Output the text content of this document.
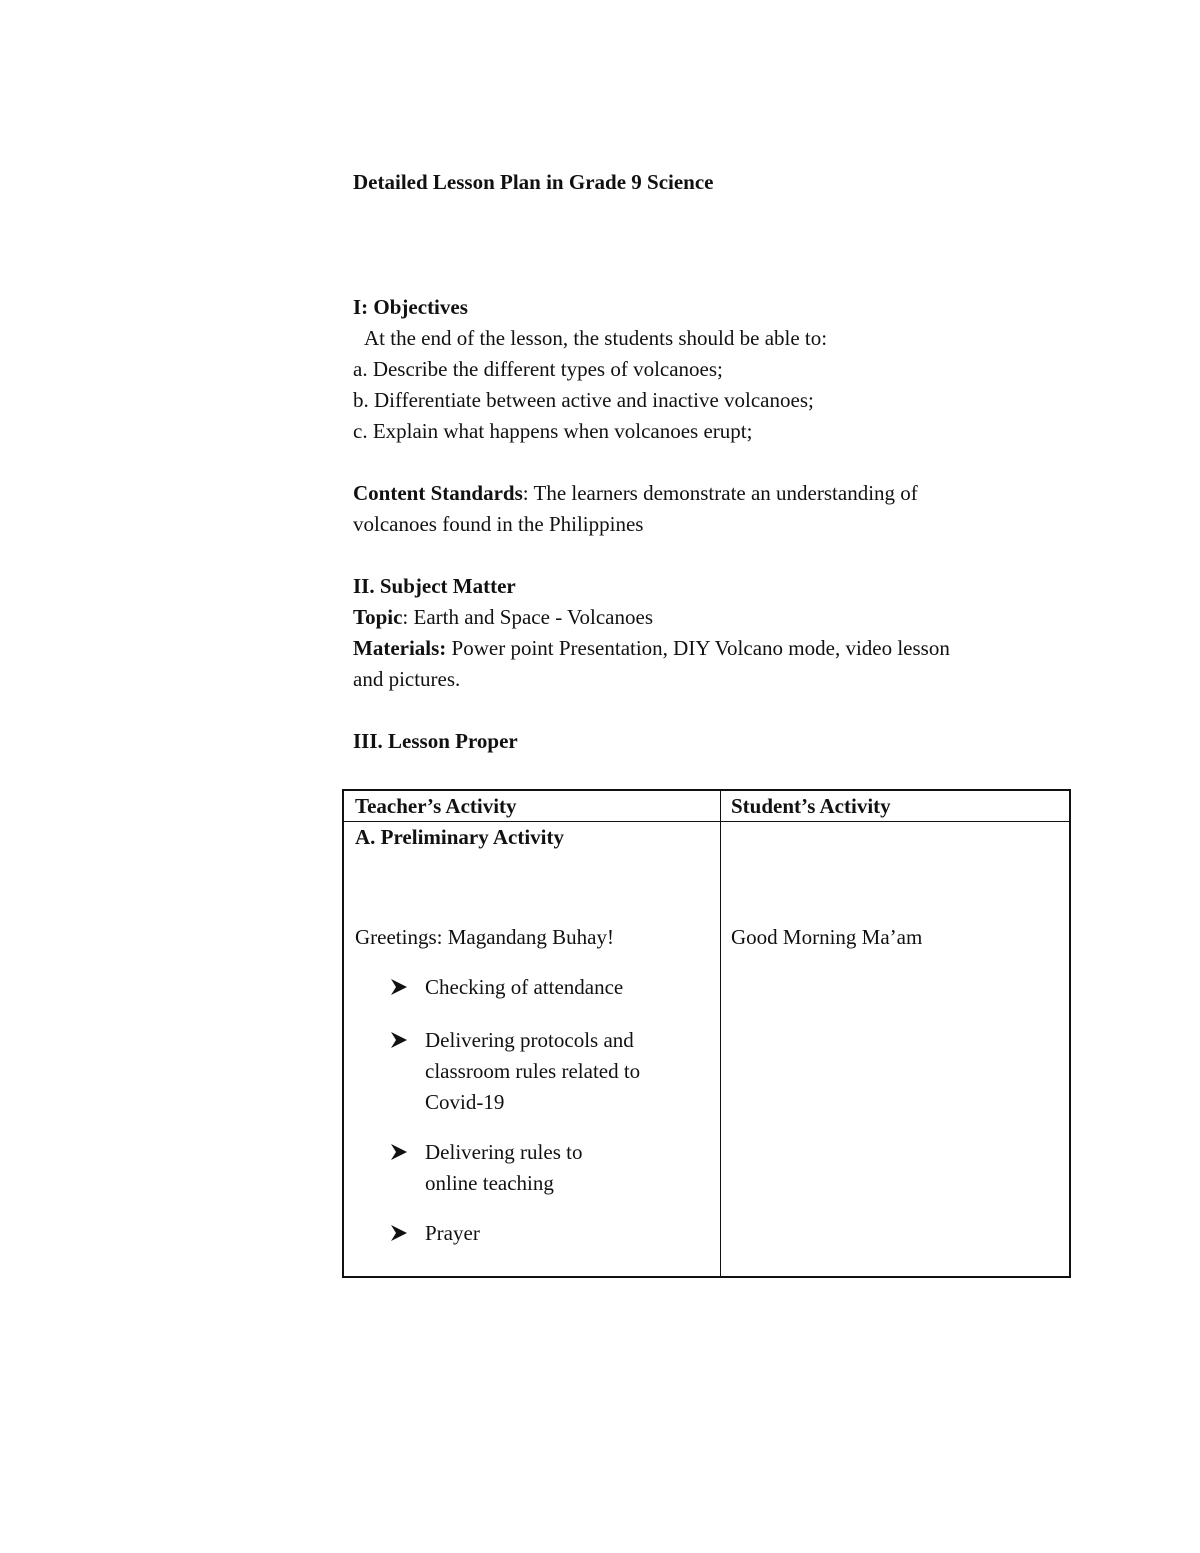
Detailed Lesson Plan in Grade 9 Science
I: Objectives
At the end of the lesson, the students should be able to:
a. Describe the different types of volcanoes;
b. Differentiate between active and inactive volcanoes;
c. Explain what happens when volcanoes erupt;
Content Standards: The learners demonstrate an understanding of
volcanoes found in the Philippines
II. Subject Matter
Topic: Earth and Space - Volcanoes
Materials: Power point Presentation, DIY Volcano mode, video lesson
and pictures.
III. Lesson Proper
Teacher’s Activity	Student’s Activity
A. Preliminary Activity
Greetings: Magandang Buhay!	Good Morning Ma’am
Checking of attendance
Delivering protocols and
classroom rules related to
Covid-19
Delivering rules to
online teaching
Prayer
